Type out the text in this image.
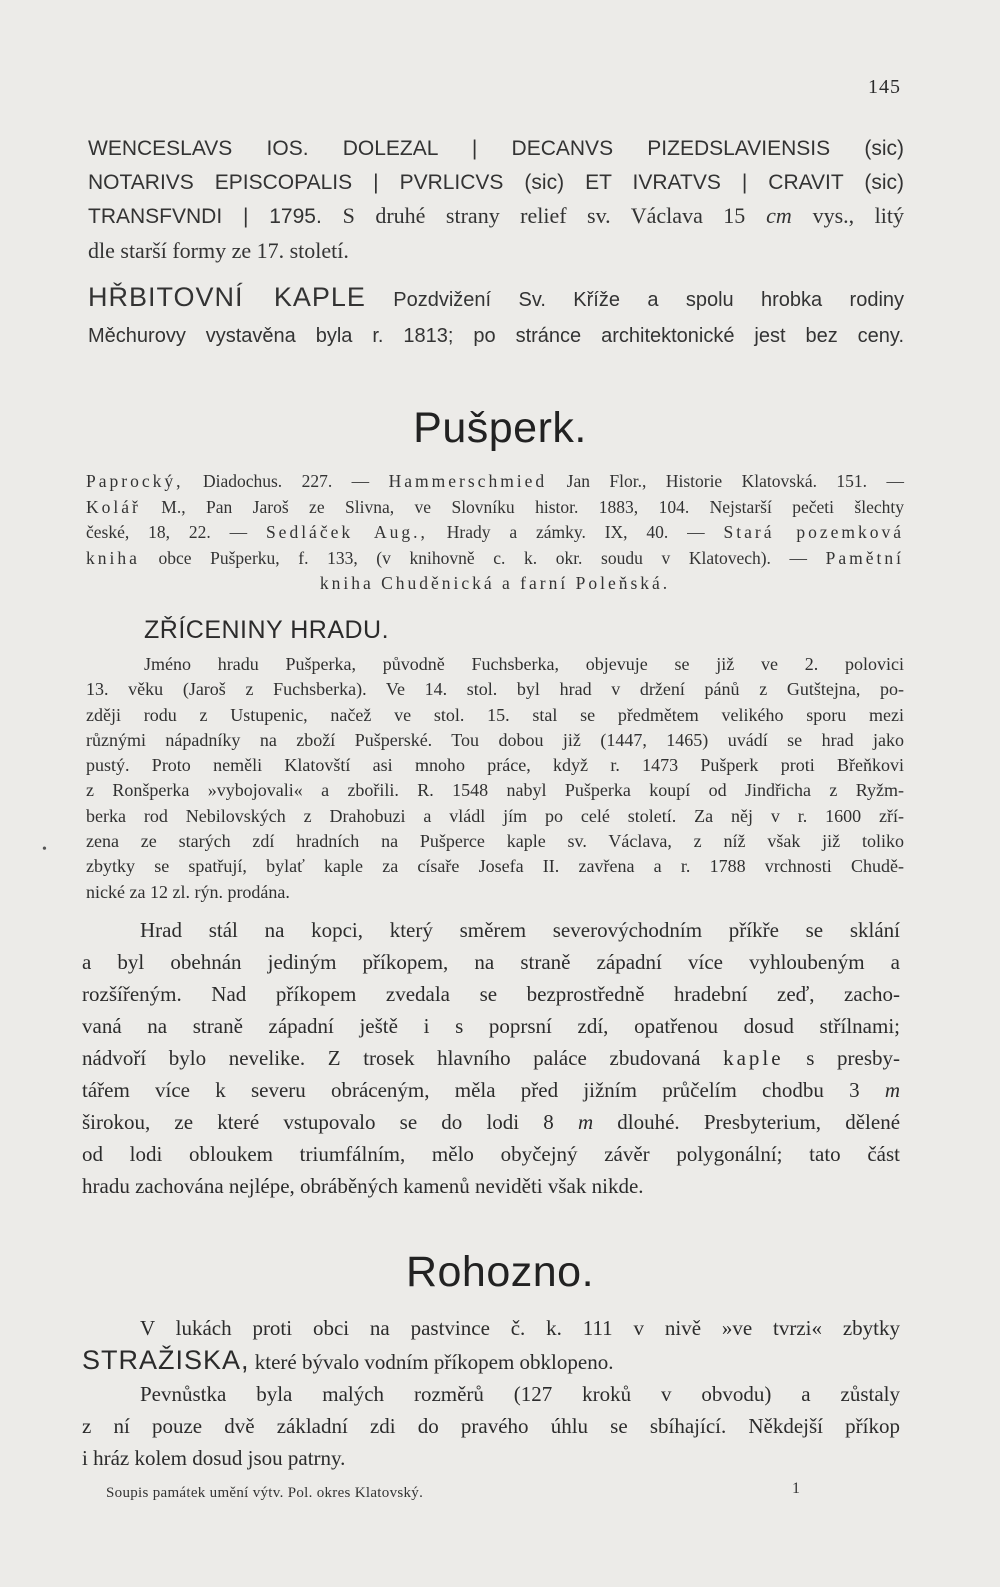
145
WENCESLAVS IOS. DOLEZAL | DECANVS PIZEDSLAVIENSIS (sic)
NOTARIVS EPISCOPALIS | PVRLICVS (sic) ET IVRATVS | CRAVIT (sic)
TRANSFVNDI | 1795. S druhé strany relief sv. Václava 15 cm vys., litý
dle starší formy ze 17. století.
HŘBITOVNÍ KAPLE Pozdvižení Sv. Kříže a spolu hrobka rodiny
Měchurovy vystavěna byla r. 1813; po stránce architektonické jest bez ceny.
Pušperk.
Paprocký, Diadochus. 227. — Hammerschmied Jan Flor., Historie Klatovská. 151. —
Kolář M., Pan Jaroš ze Slivna, ve Slovníku histor. 1883, 104. Nejstarší pečeti šlechty
české, 18, 22. — Sedláček Aug., Hrady a zámky. IX, 40. — Stará pozemková
kniha obce Pušperku, f. 133, (v knihovně c. k. okr. soudu v Klatovech). — Pamětní
kniha Chuděnická a farní Poleňská.
ZŘÍCENINY HRADU.
Jméno hradu Pušperka, původně Fuchsberka, objevuje se již ve 2. polovici
13. věku (Jaroš z Fuchsberka). Ve 14. stol. byl hrad v držení pánů z Gutštejna, po-
zději rodu z Ustupenic, načež ve stol. 15. stal se předmětem velikého sporu mezi
různými nápadníky na zboží Pušperské. Tou dobou již (1447, 1465) uvádí se hrad jako
pustý. Proto neměli Klatovští asi mnoho práce, když r. 1473 Pušperk proti Břeňkovi
z Ronšperka »vybojovali« a zbořili. R. 1548 nabyl Pušperka koupí od Jindřicha z Ryžm-
berka rod Nebilovských z Drahobuzi a vládl jím po celé století. Za něj v r. 1600 zří-
zena ze starých zdí hradních na Pušperce kaple sv. Václava, z níž však již toliko
zbytky se spatřují, bylať kaple za císaře Josefa II. zavřena a r. 1788 vrchnosti Chudě-
nické za 12 zl. rýn. prodána.
•
Hrad stál na kopci, který směrem severovýchodním příkře se sklání
a byl obehnán jediným příkopem, na straně západní více vyhloubeným a
rozšířeným. Nad příkopem zvedala se bezprostředně hradební zeď, zacho-
vaná na straně západní ještě i s poprsní zdí, opatřenou dosud střílnami;
nádvoří bylo nevelike. Z trosek hlavního paláce zbudovaná kaple s presby-
tářem více k severu obráceným, měla před jižním průčelím chodbu 3 m
širokou, ze které vstupovalo se do lodi 8 m dlouhé. Presbyterium, dělené
od lodi obloukem triumfálním, mělo obyčejný závěr polygonální; tato část
hradu zachována nejlépe, obráběných kamenů neviděti však nikde.
Rohozno.
V lukách proti obci na pastvince č. k. 111 v nivě »ve tvrzi« zbytky
STRAŽISKA, které bývalo vodním příkopem obklopeno.
Pevnůstka byla malých rozměrů (127 kroků v obvodu) a zůstaly
z ní pouze dvě základní zdi do pravého úhlu se sbíhající. Někdejší příkop
i hráz kolem dosud jsou patrny.
Soupis památek umění výtv. Pol. okres Klatovský.	1
